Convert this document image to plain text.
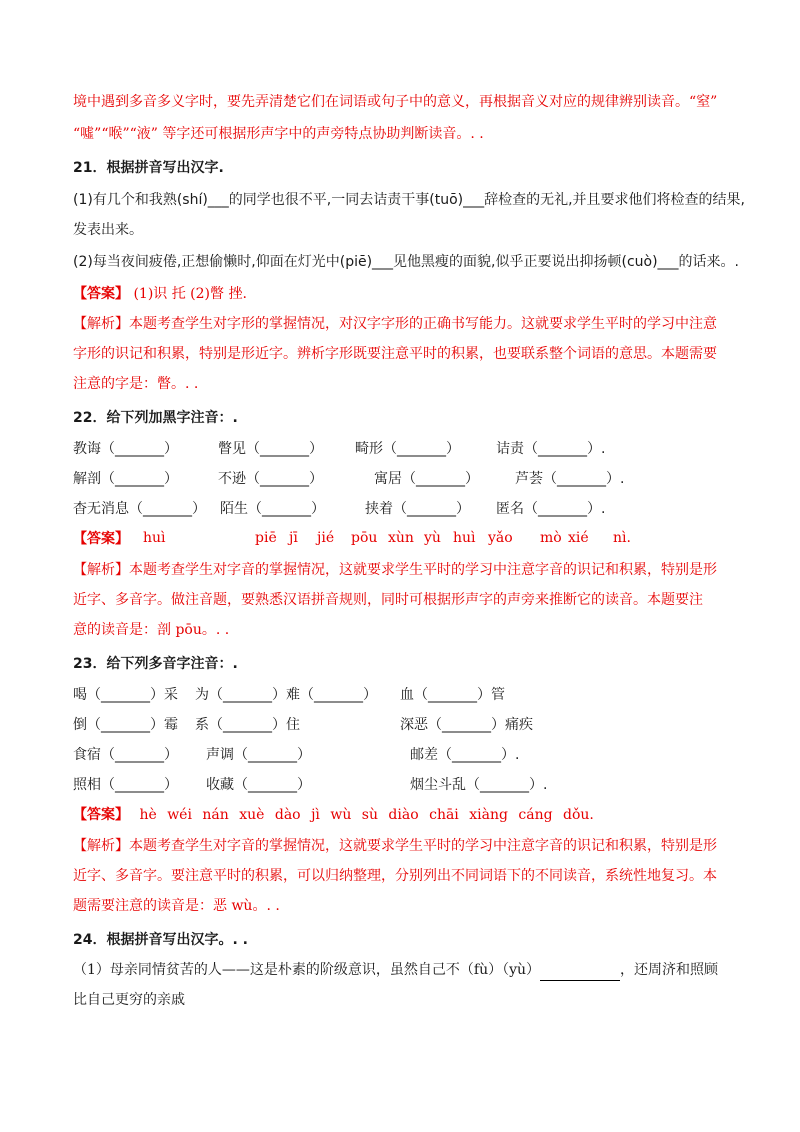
境中遇到多音多义字时，要先弄清楚它们在词语或句子中的意义，再根据音义对应的规律辨别读音。“窒”
“噓”“喉”“液” 等字还可根据形声字中的声旁特点协助判断读音。. .
21．根据拼音写出汉字.
(1)有几个和我熟(shí)___的同学也很不平,一同去诘责干事(tuō)___辞检查的无礼,并且要求他们将检查的结果,
发表出来。
(2)每当夜间疲倦,正想偷懒时,仰面在灯光中(piē)___见他黑瘦的面貌,似乎正要说出抑扬顿(cuò)___的话来。.
【答案】 (1)识 托 (2)瞥 挫.
【解析】本题考查学生对字形的掌握情况，对汉字字形的正确书写能力。这就要求学生平时的学习中注意
字形的识记和积累，特别是形近字。辨析字形既要注意平时的积累，也要联系整个词语的意思。本题需要
注意的字是：瞥。. .
22．给下列加黑字注音：.
教诲（_______）	瞥见（_______） 畸形（_______）	诘责（_______）.
解剖（_______）	不逊（_______）	寓居（_______）	芦荟（_______）.
杳无消息（_______） 陌生（_______）	挟着（_______） 匿名（_______）.
【答案】 huì	piē jī jié pōu xùn yù huì yǎo mò xié nì.
【解析】本题考查学生对字音的掌握情况，这就要求学生平时的学习中注意字音的识记和积累，特别是形
近字、多音字。做注音题，要熟悉汉语拼音规则，同时可根据形声字的声旁来推断它的读音。本题要注
意的读音是：剖 pōu。. .
23．给下列多音字注音：.
喝（_______）采 为（_______）难（_______） 血（_______）管
倒（_______）霉 系（_______）住	深恶（_______）痛疾
食宿（_______） 声调（_______）	邮差（_______）.
照相（_______） 收藏（_______）	烟尘斗乱（_______）.
【答案】 hè wéi nán xuè dào jì wù sù diào chāi xiàng cáng dǒu.
【解析】本题考查学生对字音的掌握情况，这就要求学生平时的学习中注意字音的识记和积累，特别是形
近字、多音字。要注意平时的积累，可以归纳整理，分别列出不同词语下的不同读音，系统性地复习。本
题需要注意的读音是：恶 wù。. .
24．根据拼音写出汉字。. .
（1）母亲同情贫苦的人——这是朴素的阶级意识，虽然自己不（fù）（yù）	，还周济和照顾
比自己更穷的亲戚
